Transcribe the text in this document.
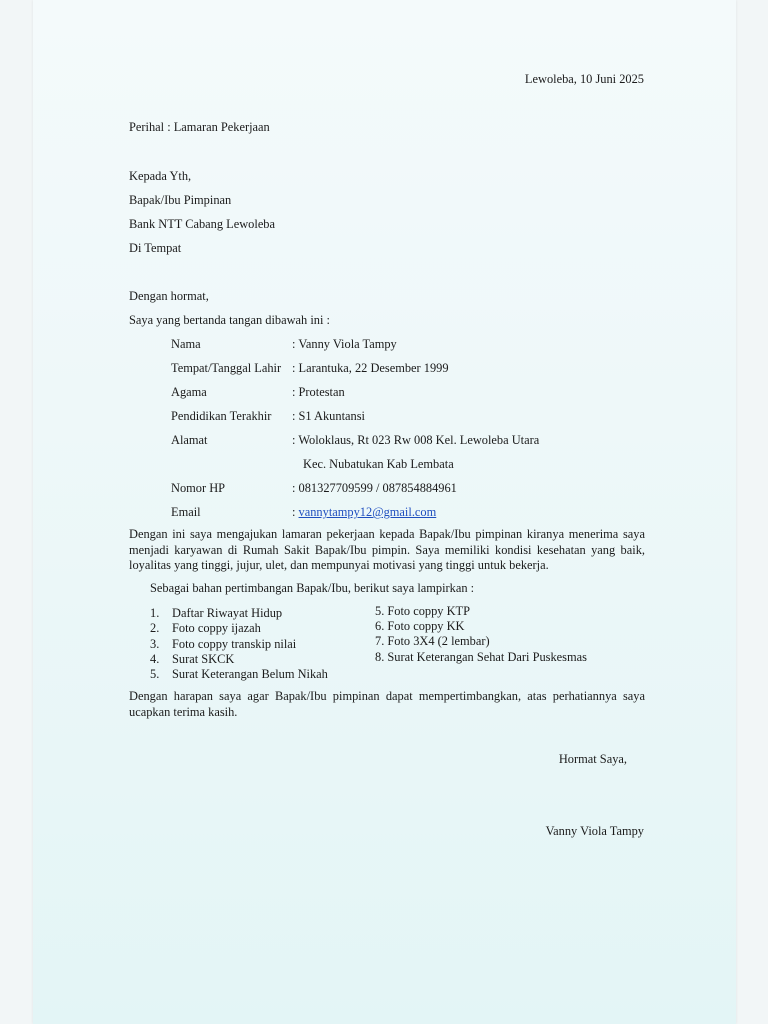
Lewoleba, 10 Juni 2025
Perihal : Lamaran Pekerjaan
Kepada Yth,
Bapak/Ibu Pimpinan
Bank NTT Cabang Lewoleba
Di Tempat
Dengan hormat,
Saya yang bertanda tangan dibawah ini :
Nama	: Vanny Viola Tampy
Tempat/Tanggal Lahir : Larantuka, 22 Desember 1999
Agama	: Protestan
Pendidikan Terakhir : S1 Akuntansi
Alamat	: Woloklaus, Rt 023 Rw 008 Kel. Lewoleba Utara
Kec. Nubatukan Kab Lembata
Nomor HP	: 081327709599 / 087854884961
Email	: vannytampy12@gmail.com
Dengan ini saya mengajukan lamaran pekerjaan kepada Bapak/Ibu pimpinan kiranya menerima saya menjadi karyawan di Rumah Sakit Bapak/Ibu pimpin. Saya memiliki kondisi kesehatan yang baik, loyalitas yang tinggi, jujur, ulet, dan mempunyai motivasi yang tinggi untuk bekerja.
Sebagai bahan pertimbangan Bapak/Ibu, berikut saya lampirkan :
1. Daftar Riwayat Hidup
2. Foto coppy ijazah
3. Foto coppy transkip nilai
4. Surat SKCK
5. Surat Keterangan Belum Nikah
5. Foto coppy KTP
6. Foto coppy KK
7. Foto 3X4 (2 lembar)
8. Surat Keterangan Sehat Dari Puskesmas
Dengan harapan saya agar Bapak/Ibu pimpinan dapat mempertimbangkan, atas perhatiannya saya ucapkan terima kasih.
Hormat Saya,
Vanny Viola Tampy
